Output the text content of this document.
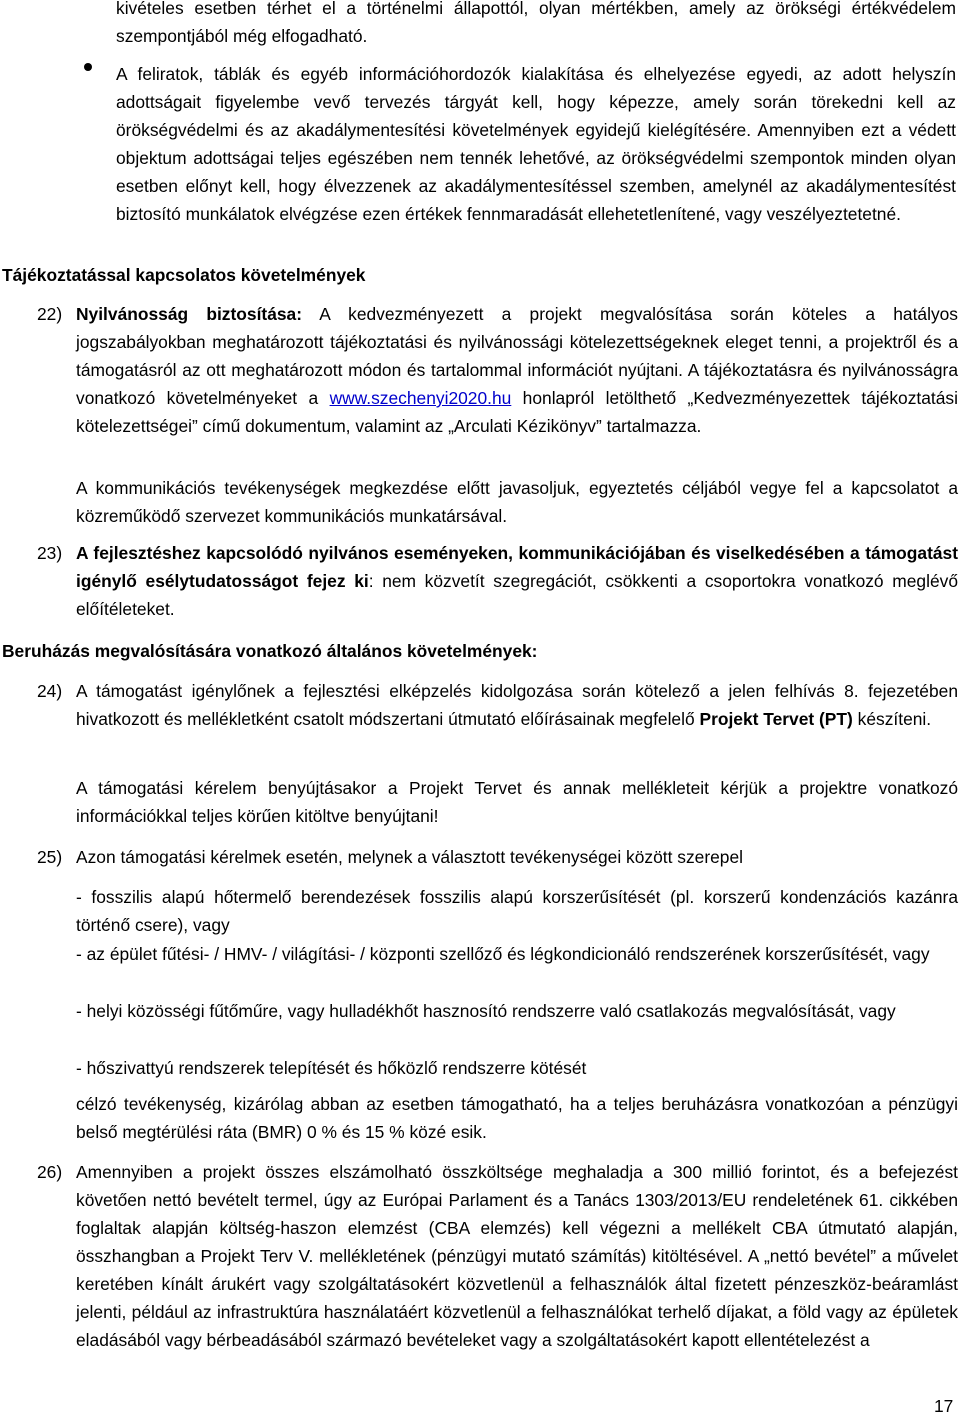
kivételes esetben térhet el a történelmi állapottól, olyan mértékben, amely az örökségi értékvédelem szempontjából még elfogadható.

A feliratok, táblák és egyéb információhordozók kialakítása és elhelyezése egyedi, az adott helyszín adottságait figyelembe vevő tervezés tárgyát kell, hogy képezze, amely során törekedni kell az örökségvédelmi és az akadálymentesítési követelmények egyidejű kielégítésére. Amennyiben ezt a védett objektum adottságai teljes egészében nem tennék lehetővé, az örökségvédelmi szempontok minden olyan esetben előnyt kell, hogy élvezzenek az akadálymentesítéssel szemben, amelynél az akadálymentesítést biztosító munkálatok elvégzése ezen értékek fennmaradását ellehetetlenítené, vagy veszélyeztetetné.

Tájékoztatással kapcsolatos követelmények

22) Nyilvánosság biztosítása: A kedvezményezett a projekt megvalósítása során köteles a hatályos jogszabályokban meghatározott tájékoztatási és nyilvánossági kötelezettségeknek eleget tenni, a projektről és a támogatásról az ott meghatározott módon és tartalommal információt nyújtani. A tájékoztatásra és nyilvánosságra vonatkozó követelményeket a www.szechenyi2020.hu honlapról letölthető „Kedvezményezettek tájékoztatási kötelezettségei” című dokumentum, valamint az „Arculati Kézikönyv” tartalmazza.

A kommunikációs tevékenységek megkezdése előtt javasoljuk, egyeztetés céljából vegye fel a kapcsolatot a közreműködő szervezet kommunikációs munkatársával.

23) A fejlesztéshez kapcsolódó nyilvános eseményeken, kommunikációjában és viselkedésében a támogatást igénylő esélytudatosságot fejez ki: nem közvetít szegregációt, csökkenti a csoportokra vonatkozó meglévő előítéleteket.

Beruházás megvalósítására vonatkozó általános követelmények:

24) A támogatást igénylőnek a fejlesztési elképzelés kidolgozása során kötelező a jelen felhívás 8. fejezetében hivatkozott és mellékletként csatolt módszertani útmutató előírásainak megfelelő Projekt Tervet (PT) készíteni.

A támogatási kérelem benyújtásakor a Projekt Tervet és annak mellékleteit kérjük a projektre vonatkozó információkkal teljes körűen kitöltve benyújtani!

25) Azon támogatási kérelmek esetén, melynek a választott tevékenységei között szerepel

- fosszilis alapú hőtermelő berendezések fosszilis alapú korszerűsítését (pl. korszerű kondenzációs kazánra történő csere), vagy

- az épület fűtési- / HMV- / világítási- / központi szellőző és légkondicionáló rendszerének korszerűsítését, vagy

- helyi közösségi fűtőműre, vagy hulladékhőt hasznosító rendszerre való csatlakozás megvalósítását, vagy

- hőszivattyú rendszerek telepítését és hőközlő rendszerre kötését

célzó tevékenység, kizárólag abban az esetben támogatható, ha a teljes beruházásra vonatkozóan a pénzügyi belső megtérülési ráta (BMR) 0 % és 15 % közé esik.

26) Amennyiben a projekt összes elszámolható összköltsége meghaladja a 300 millió forintot, és a befejezést követően nettó bevételt termel, úgy az Európai Parlament és a Tanács 1303/2013/EU rendeletének 61. cikkében foglaltak alapján költség-haszon elemzést (CBA elemzés) kell végezni a mellékelt CBA útmutató alapján, összhangban a Projekt Terv V. mellékletének (pénzügyi mutató számítás) kitöltésével. A „nettó bevétel” a művelet keretében kínált árukért vagy szolgáltatásokért közvetlenül a felhasználók által fizetett pénzeszköz-beáramlást jelenti, például az infrastruktúra használatáért közvetlenül a felhasználókat terhelő díjakat, a föld vagy az épületek eladásából vagy bérbeadásából származó bevételeket vagy a szolgáltatásokért kapott ellentételezést a

17
